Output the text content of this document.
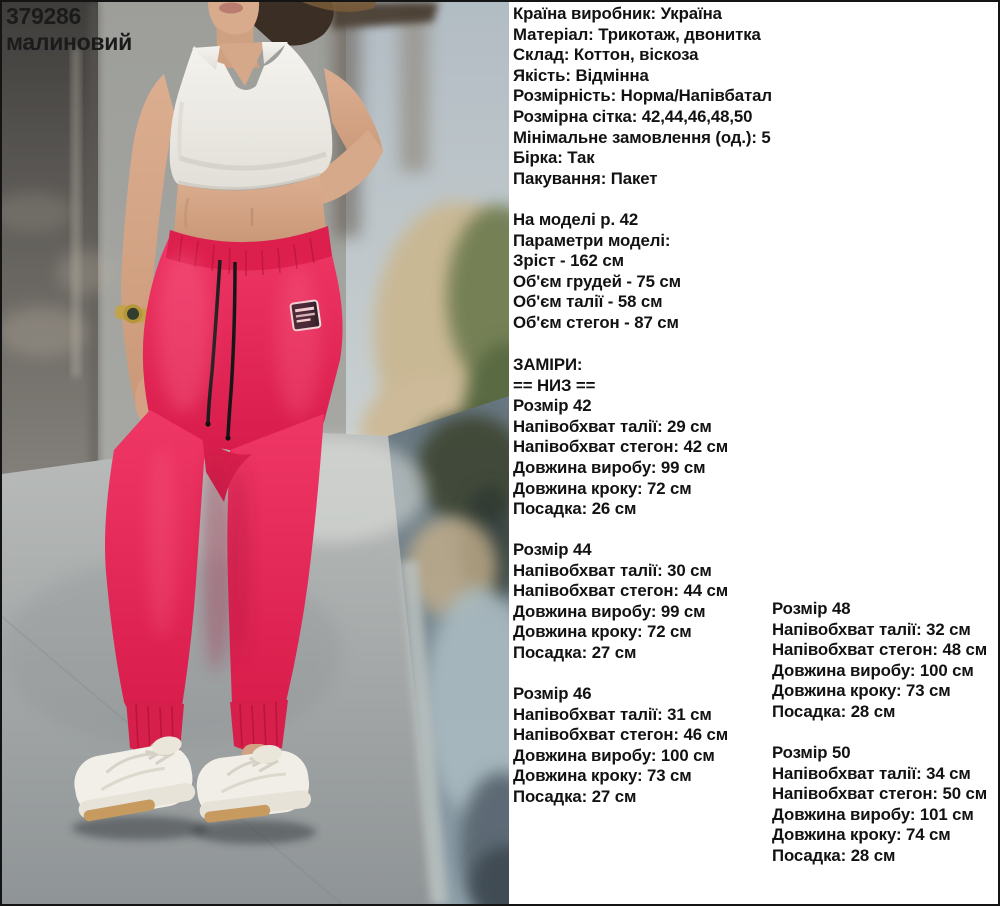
379286
малиновий
Країна виробник: Україна
Матеріал: Трикотаж, двонитка
Склад: Коттон, віскоза
Якість: Відмінна
Розмірність: Норма/Напівбатал
Розмірна сітка: 42,44,46,48,50
Мінімальне замовлення (од.): 5
Бірка: Так
Пакування: Пакет
На моделі р. 42
Параметри моделі:
Зріст - 162 см
Об'єм грудей - 75 см
Об'єм талії - 58 см
Об'єм стегон - 87 см
ЗАМІРИ:
== НИЗ ==
Розмір 42
Напівобхват талії: 29 см
Напівобхват стегон: 42 см
Довжина виробу: 99 см
Довжина кроку: 72 см
Посадка: 26 см
Розмір 44
Напівобхват талії: 30 см
Напівобхват стегон: 44 см
Довжина виробу: 99 см
Довжина кроку: 72 см
Посадка: 27 см
Розмір 46
Напівобхват талії: 31 см
Напівобхват стегон: 46 см
Довжина виробу: 100 см
Довжина кроку: 73 см
Посадка: 27 см
Розмір 48
Напівобхват талії: 32 см
Напівобхват стегон: 48 см
Довжина виробу: 100 см
Довжина кроку: 73 см
Посадка: 28 см
Розмір 50
Напівобхват талії: 34 см
Напівобхват стегон: 50 см
Довжина виробу: 101 см
Довжина кроку: 74 см
Посадка: 28 см
